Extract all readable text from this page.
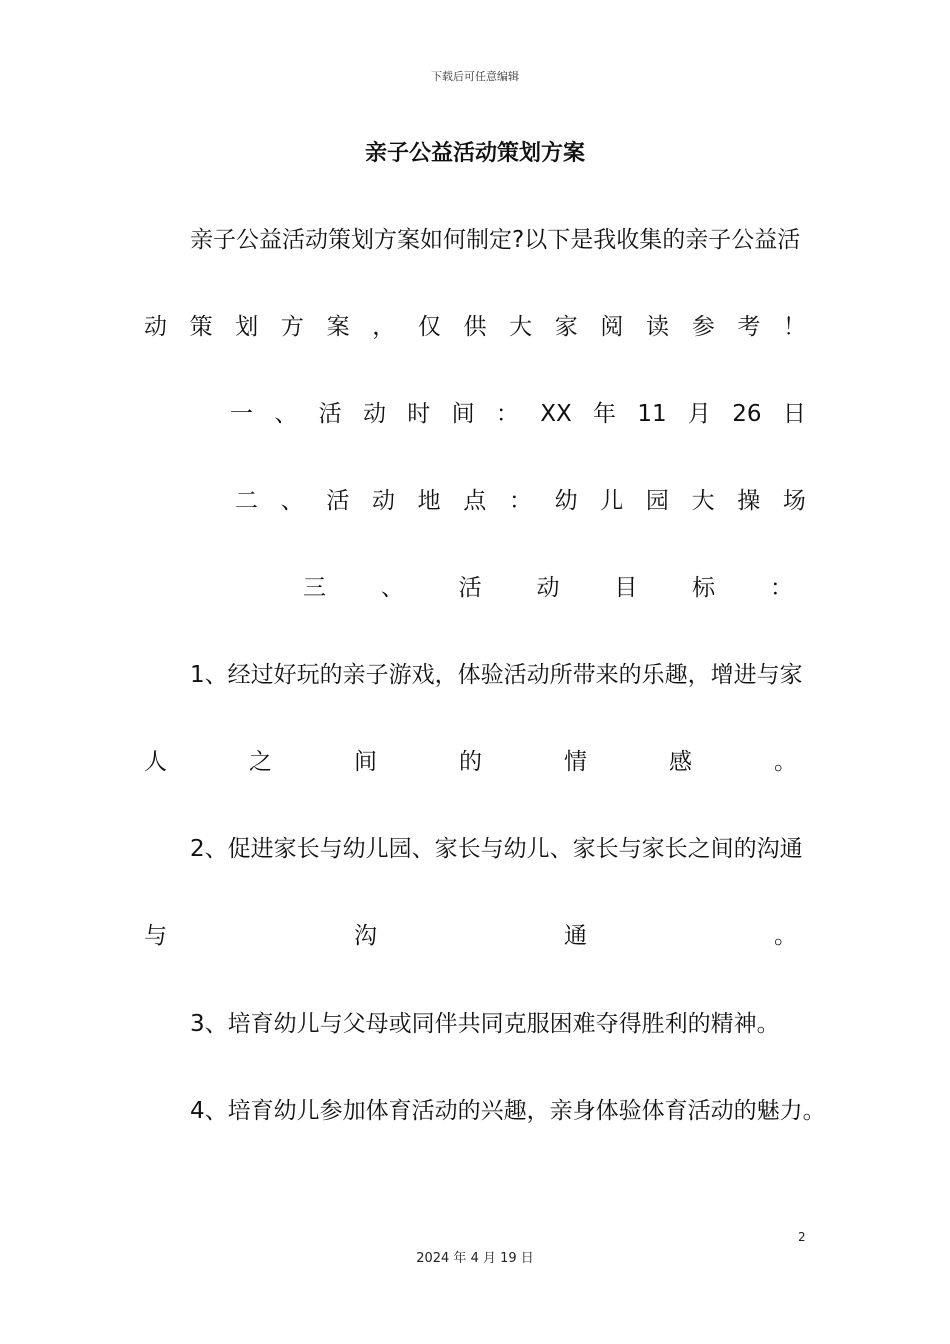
下载后可任意编辑
亲子公益活动策划方案
亲子公益活动策划方案如何制定?以下是我收集的亲子公益活
动 策 划 方 案 ， 仅 供 大 家 阅 读 参 考 ！
一 、 活 动 时 间 ： XX 年 11 月 26 日
二 、 活 动 地 点 ： 幼 儿 园 大 操 场
三 、 活 动 目 标 ：
1、经过好玩的亲子游戏，体验活动所带来的乐趣，增进与家
人	之	间	的	情	感	。
2、促进家长与幼儿园、家长与幼儿、家长与家长之间的沟通
与	沟	通	。
3、培育幼儿与父母或同伴共同克服困难夺得胜利的精神。
4、培育幼儿参加体育活动的兴趣，亲身体验体育活动的魅力。
2
2024 年 4 月 19 日
